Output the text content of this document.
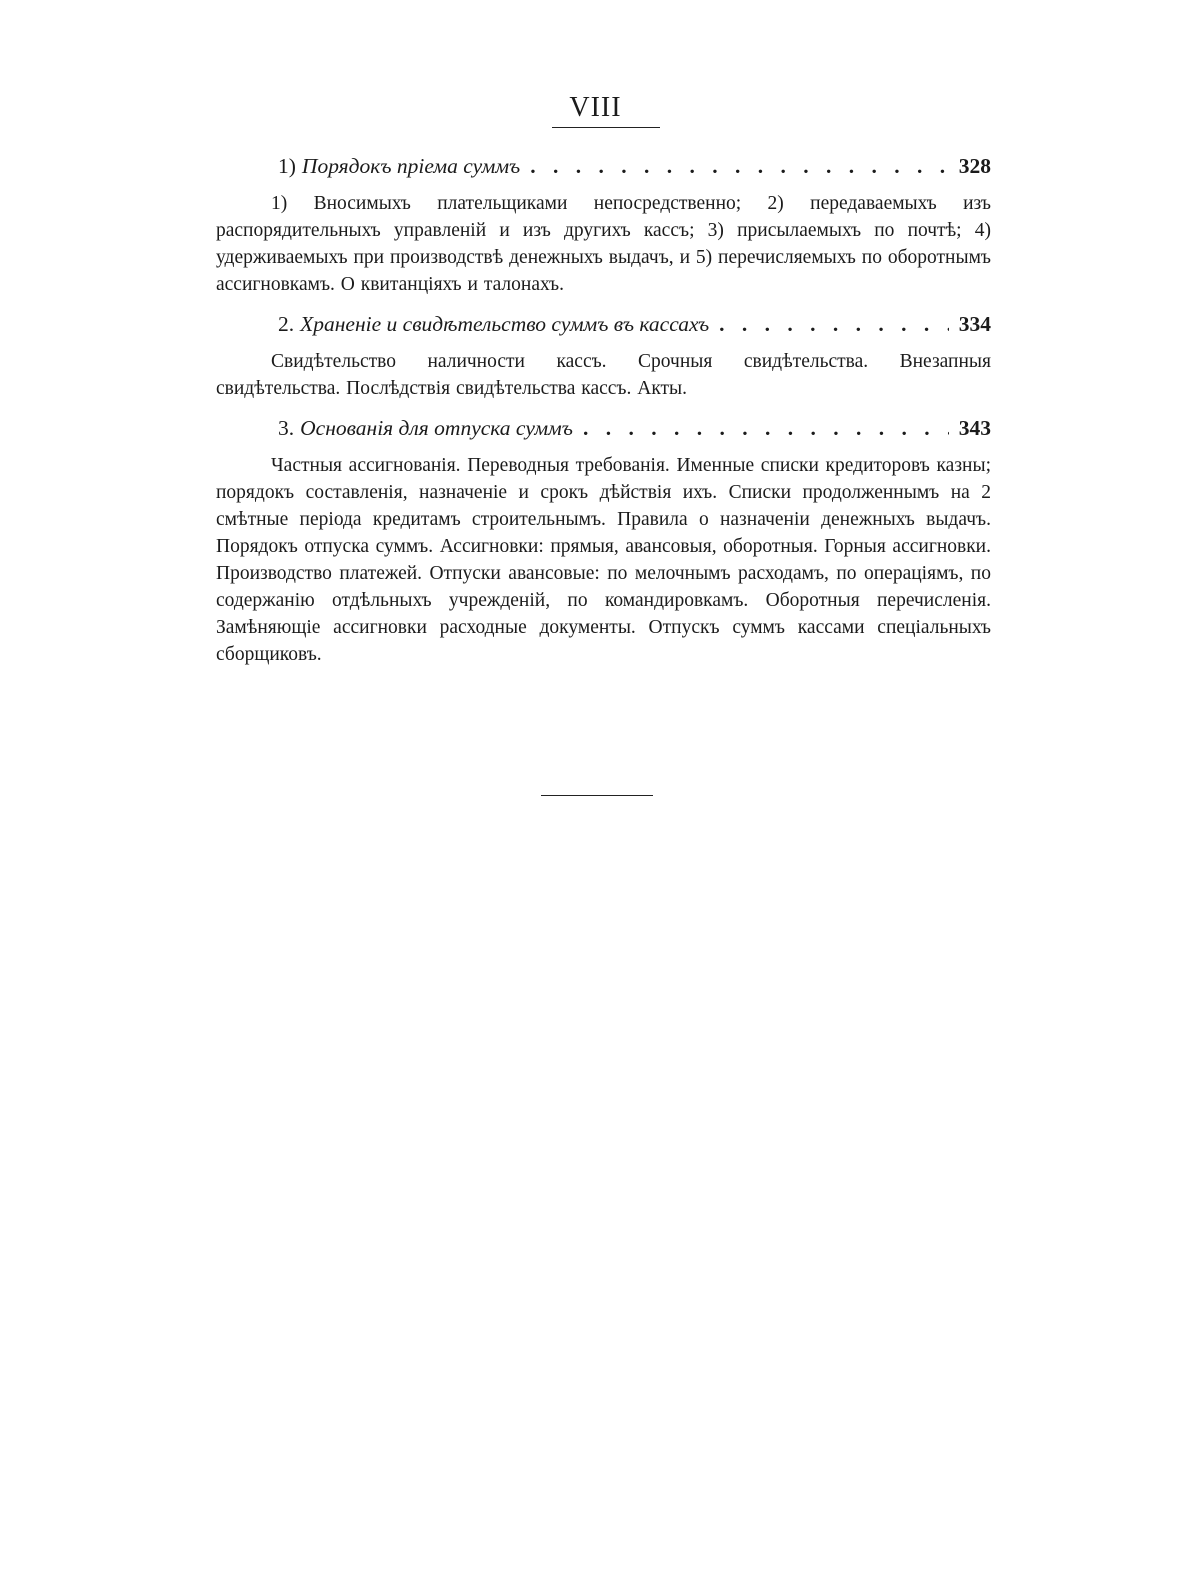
VIII
1) Порядокъ пріема суммъ . . .	328
1) Вносимыхъ плательщиками непосредственно; 2) передаваемыхъ изъ распорядительныхъ управленій и изъ другихъ кассъ; 3) присылаемыхъ по почтѣ; 4) удерживаемыхъ при производствѣ денежныхъ выдачъ, и 5) перечисляемыхъ по оборотнымъ ассигновкамъ. О квитанціяхъ и талонахъ.
2. Храненіе и свидѣтельство суммъ въ кассахъ . . .	334
Свидѣтельство наличности кассъ. Срочныя свидѣтельства. Внезапныя свидѣтельства. Послѣдствія свидѣтельства кассъ. Акты.
3. Основанія для отпуска суммъ . . .	343
Частныя ассигнованія. Переводныя требованія. Именные списки кредиторовъ казны; порядокъ составленія, назначеніе и срокъ дѣйствія ихъ. Списки продолженнымъ на 2 смѣтные періода кредитамъ строительнымъ. Правила о назначеніи денежныхъ выдачъ. Порядокъ отпуска суммъ. Ассигновки: прямыя, авансовыя, оборотныя. Горныя ассигновки. Производство платежей. Отпуски авансовые: по мелочнымъ расходамъ, по операціямъ, по содержанію отдѣльныхъ учрежденій, по командировкамъ. Оборотныя перечисленія. Замѣняющіе ассигновки расходные документы. Отпускъ суммъ кассами спеціальныхъ сборщиковъ.
